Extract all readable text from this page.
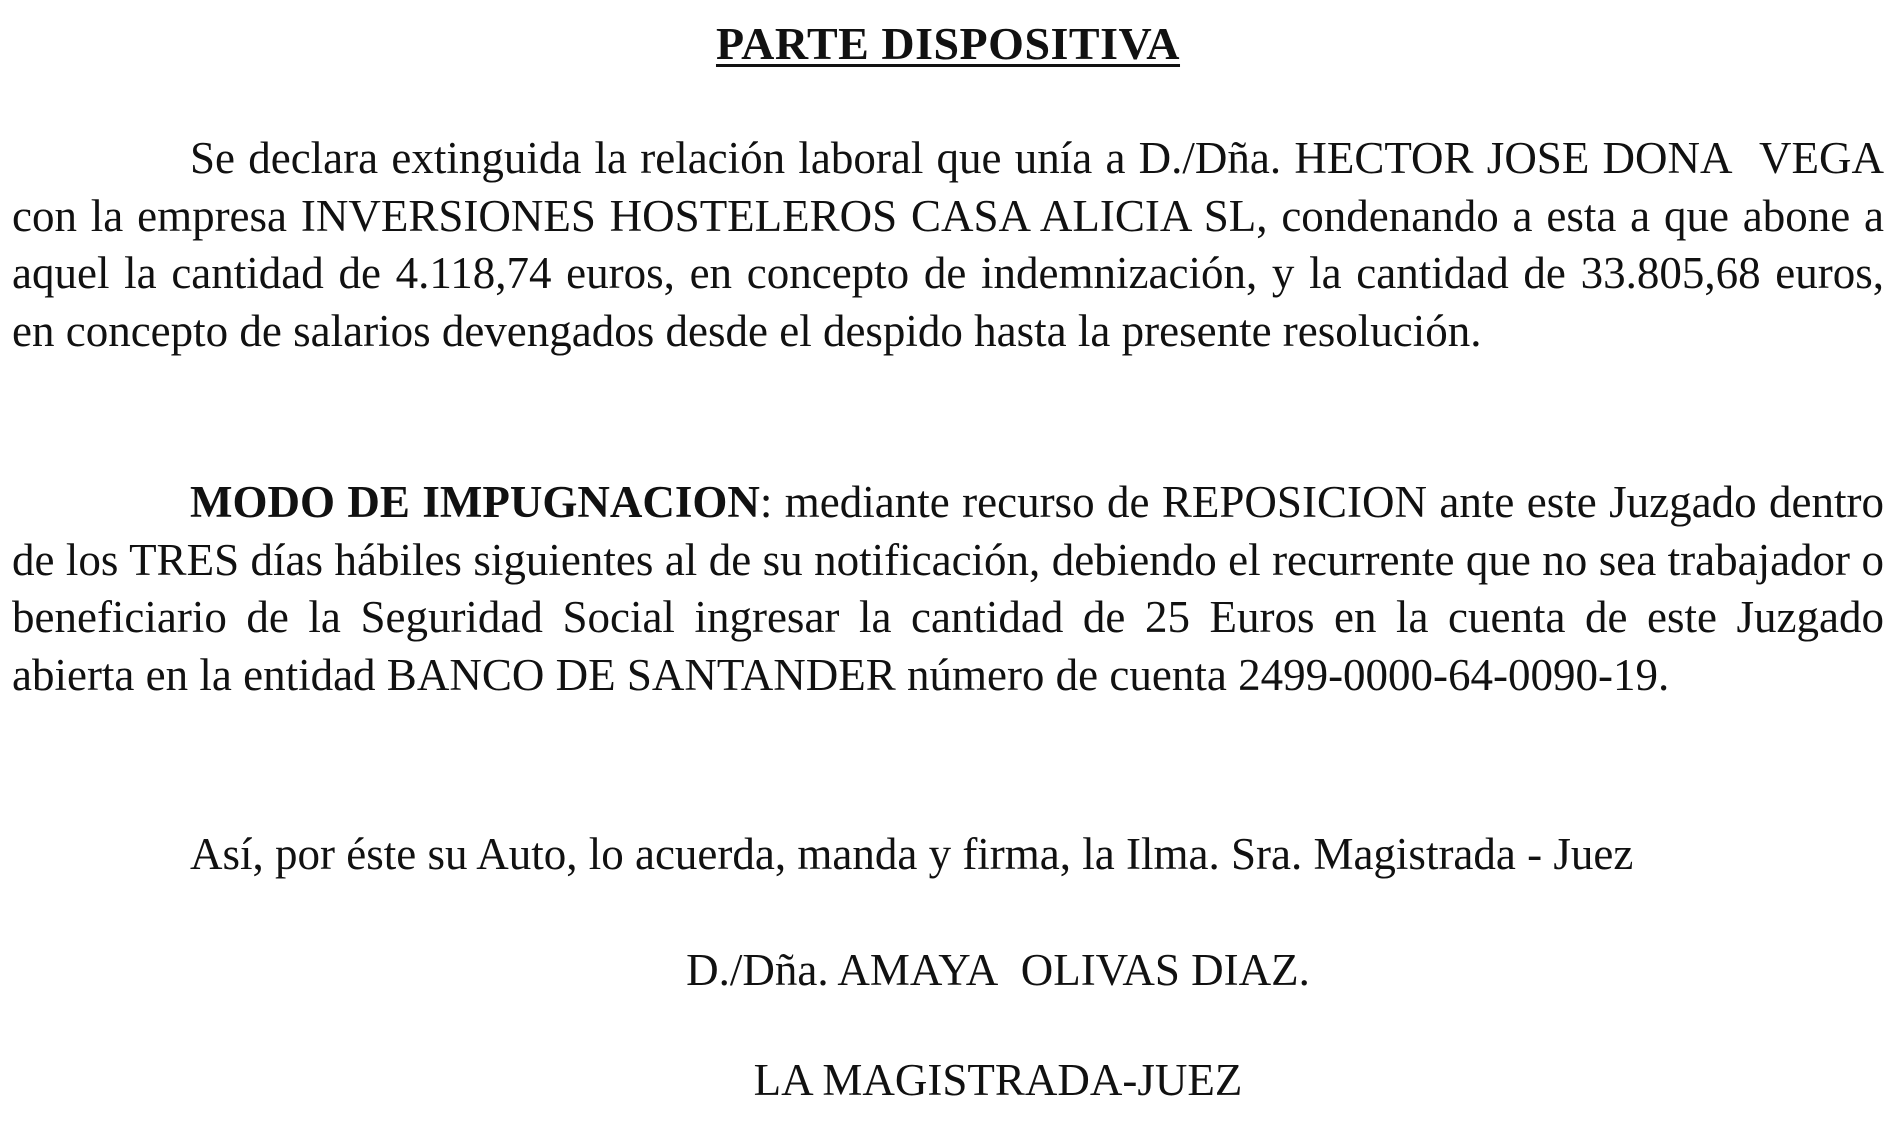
PARTE DISPOSITIVA

Se declara extinguida la relación laboral que unía a D./Dña. HECTOR JOSE DONA  VEGA con la empresa INVERSIONES HOSTELEROS CASA ALICIA SL, condenando a esta a que abone a aquel la cantidad de 4.118,74 euros, en concepto de indemnización, y la cantidad de 33.805,68 euros, en concepto de salarios devengados desde el despido hasta la presente resolución.

MODO DE IMPUGNACION: mediante recurso de REPOSICION ante este Juzgado dentro de los TRES días hábiles siguientes al de su notificación, debiendo el recurrente que no sea trabajador o beneficiario de la Seguridad Social ingresar la cantidad de 25 Euros en la cuenta de este Juzgado abierta en la entidad BANCO DE SANTANDER número de cuenta 2499-0000-64-0090-19.

Así, por éste su Auto, lo acuerda, manda y firma, la Ilma. Sra. Magistrada - Juez

D./Dña. AMAYA  OLIVAS DIAZ.

LA MAGISTRADA-JUEZ
